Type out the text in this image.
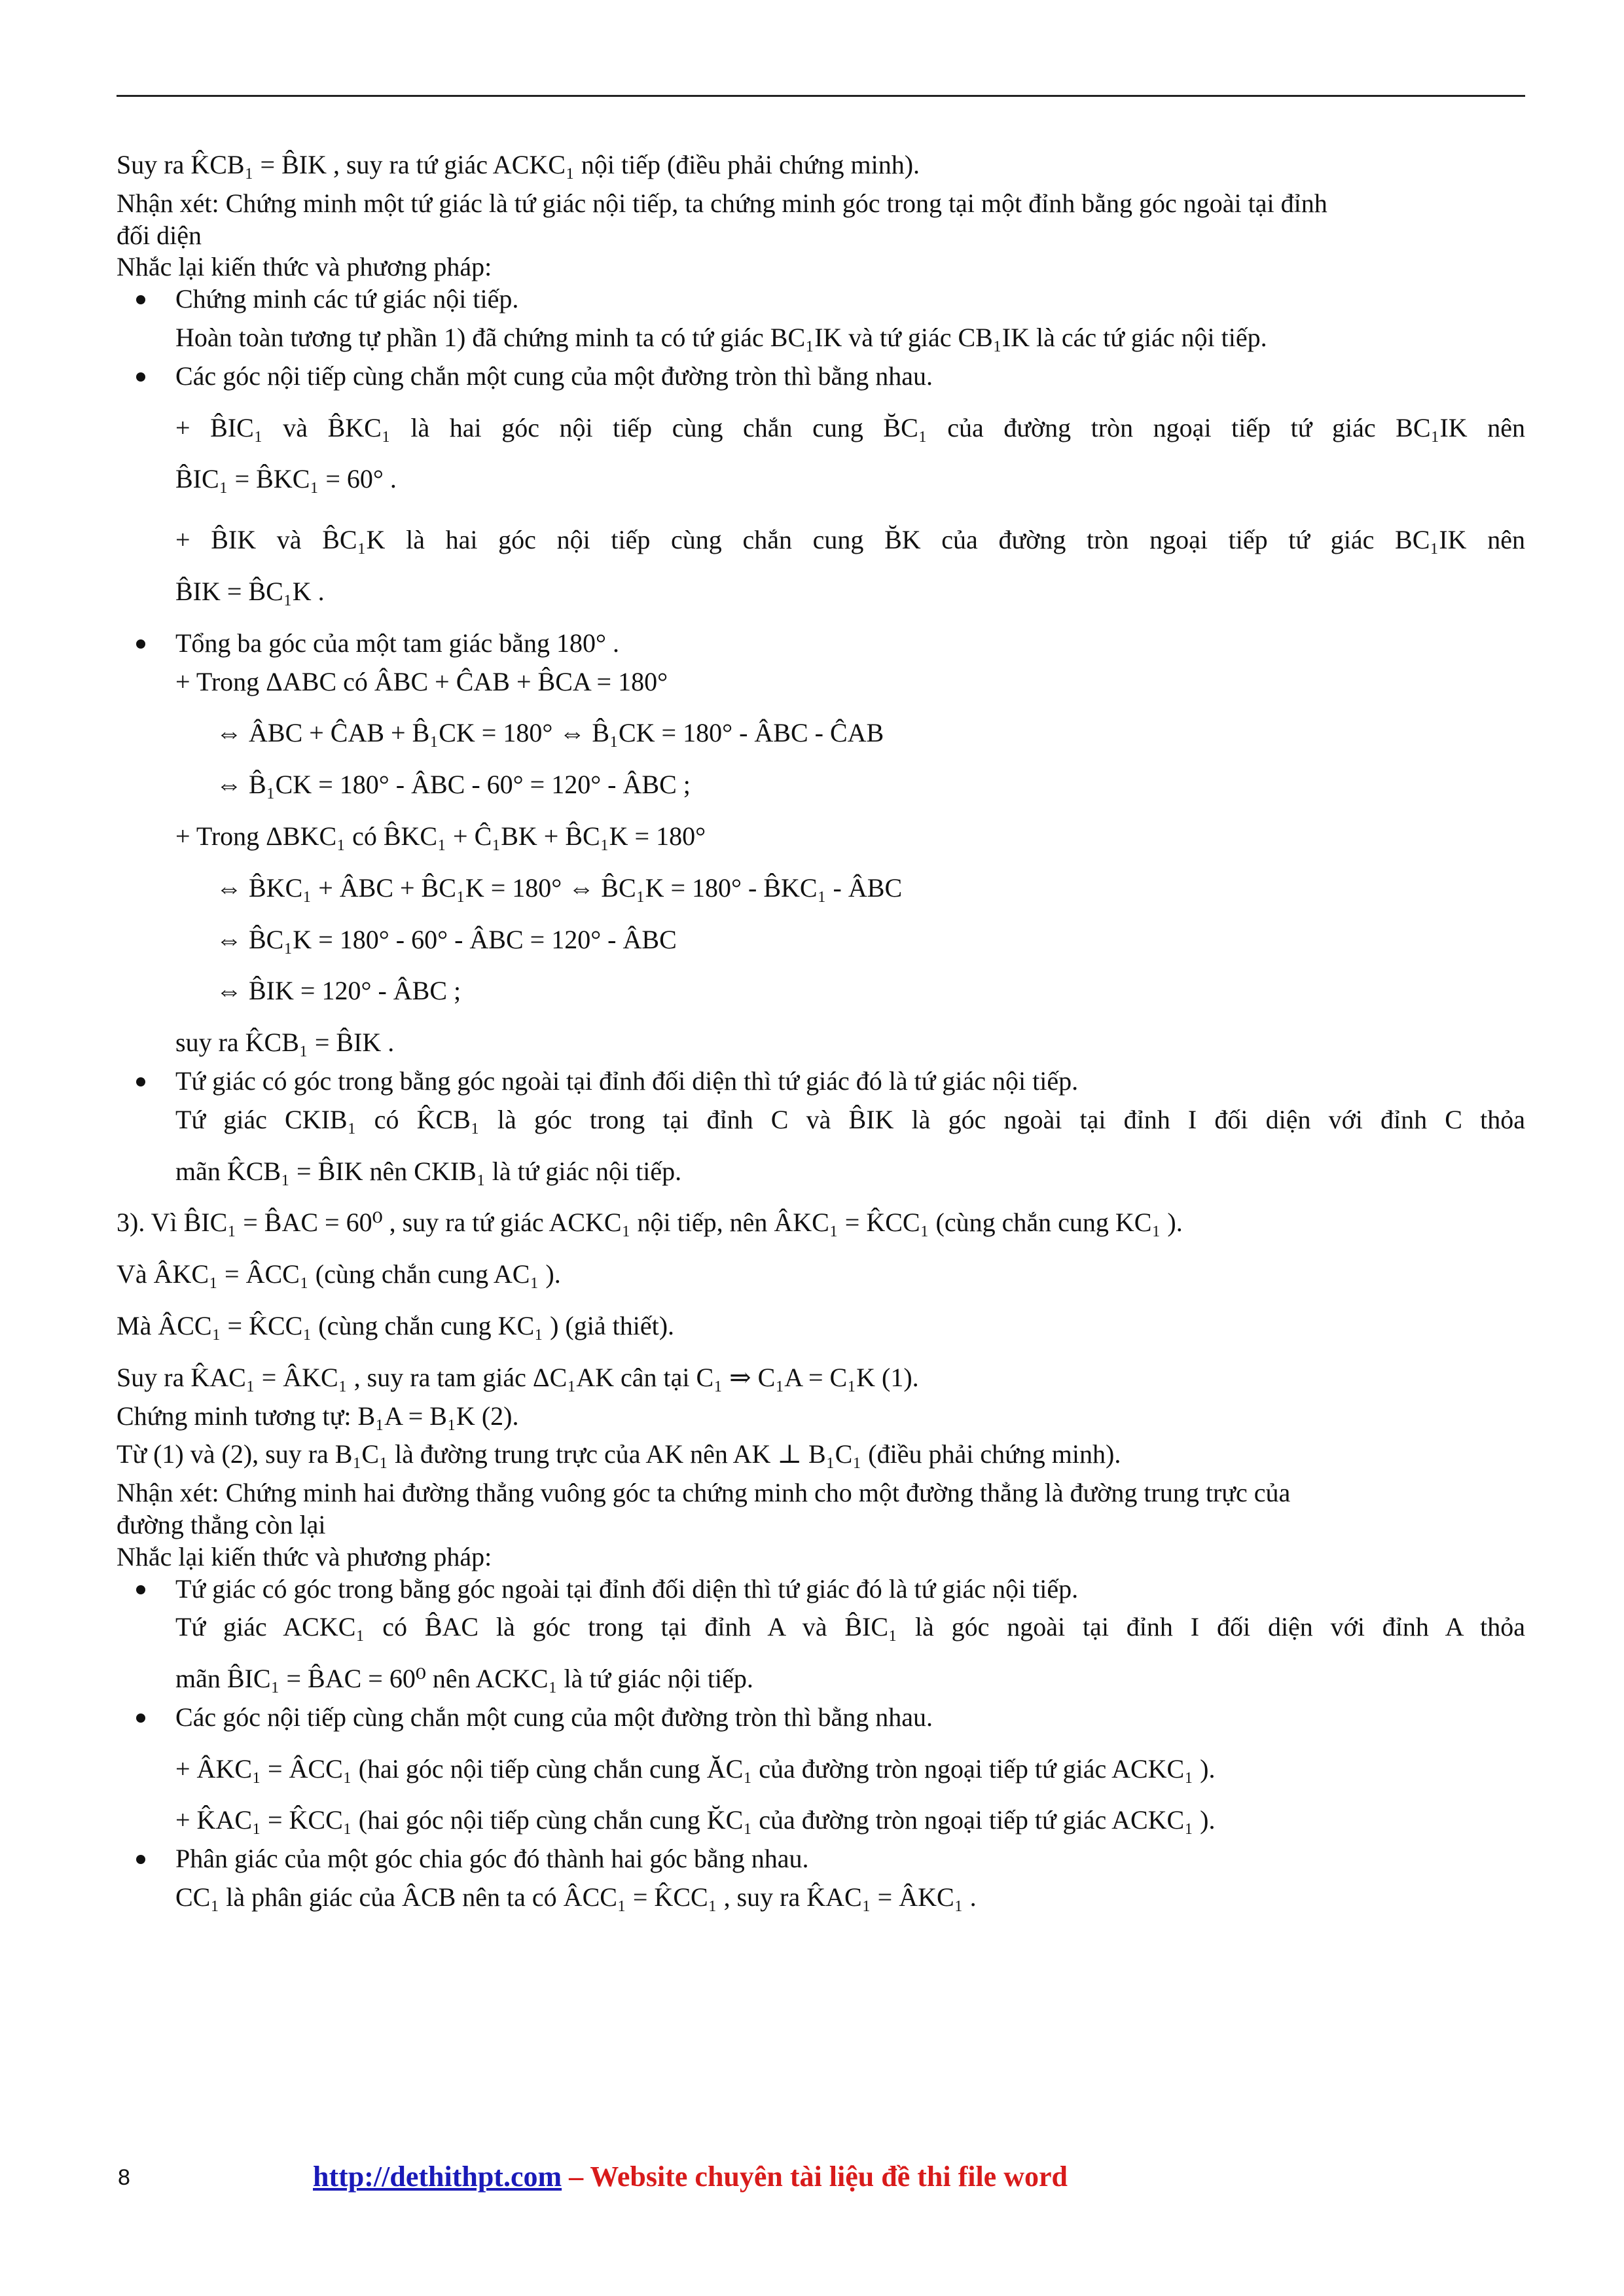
Suy ra K̂CB₁ = B̂IK , suy ra tứ giác ACKC₁ nội tiếp (điều phải chứng minh).

Nhận xét: Chứng minh một tứ giác là tứ giác nội tiếp, ta chứng minh góc trong tại một đỉnh bằng góc ngoài tại đỉnh

đối diện

Nhắc lại kiến thức và phương pháp:

Chứng minh các tứ giác nội tiếp.

Hoàn toàn tương tự phần 1) đã chứng minh ta có tứ giác BC₁IK và tứ giác CB₁IK là các tứ giác nội tiếp.

Các góc nội tiếp cùng chắn một cung của một đường tròn thì bằng nhau.

+ B̂IC₁ và B̂KC₁ là hai góc nội tiếp cùng chắn cung B̆C₁ của đường tròn ngoại tiếp tứ giác BC₁IK nên

B̂IC₁ = B̂KC₁ = 60° .

+ B̂IK và B̂C₁K là hai góc nội tiếp cùng chắn cung B̆K của đường tròn ngoại tiếp tứ giác BC₁IK nên

B̂IK = B̂C₁K .

Tổng ba góc của một tam giác bằng 180° .

+ Trong ΔABC có ÂBC + ĈAB + B̂CA = 180°

⇔ ÂBC + ĈAB + B̂₁CK = 180° ⇔ B̂₁CK = 180° - ÂBC - ĈAB

⇔ B̂₁CK = 180° - ÂBC - 60° = 120° - ÂBC ;

+ Trong ΔBKC₁ có B̂KC₁ + Ĉ₁BK + B̂C₁K = 180°

⇔ B̂KC₁ + ÂBC + B̂C₁K = 180° ⇔ B̂C₁K = 180° - B̂KC₁ - ÂBC

⇔ B̂C₁K = 180° - 60° - ÂBC = 120° - ÂBC

⇔ B̂IK = 120° - ÂBC ;

suy ra K̂CB₁ = B̂IK .

Tứ giác có góc trong bằng góc ngoài tại đỉnh đối diện thì tứ giác đó là tứ giác nội tiếp.

Tứ giác CKIB₁ có K̂CB₁ là góc trong tại đỉnh C và B̂IK là góc ngoài tại đỉnh I đối diện với đỉnh C thỏa

mãn K̂CB₁ = B̂IK nên CKIB₁ là tứ giác nội tiếp.

3). Vì B̂IC₁ = B̂AC = 60⁰ , suy ra tứ giác ACKC₁ nội tiếp, nên ÂKC₁ = K̂CC₁ (cùng chắn cung KC₁ ).

Và ÂKC₁ = ÂCC₁ (cùng chắn cung AC₁ ).

Mà ÂCC₁ = K̂CC₁ (cùng chắn cung KC₁ ) (giả thiết).

Suy ra K̂AC₁ = ÂKC₁ , suy ra tam giác ΔC₁AK cân tại C₁ ⇒ C₁A = C₁K (1).

Chứng minh tương tự: B₁A = B₁K (2).

Từ (1) và (2), suy ra B₁C₁ là đường trung trực của AK nên AK ⊥ B₁C₁ (điều phải chứng minh).

Nhận xét: Chứng minh hai đường thẳng vuông góc ta chứng minh cho một đường thẳng là đường trung trực của

đường thẳng còn lại

Nhắc lại kiến thức và phương pháp:

Tứ giác có góc trong bằng góc ngoài tại đỉnh đối diện thì tứ giác đó là tứ giác nội tiếp.

Tứ giác ACKC₁ có B̂AC là góc trong tại đỉnh A và B̂IC₁ là góc ngoài tại đỉnh I đối diện với đỉnh A thỏa

mãn B̂IC₁ = B̂AC = 60⁰ nên ACKC₁ là tứ giác nội tiếp.

Các góc nội tiếp cùng chắn một cung của một đường tròn thì bằng nhau.

+ ÂKC₁ = ÂCC₁ (hai góc nội tiếp cùng chắn cung ĂC₁ của đường tròn ngoại tiếp tứ giác ACKC₁ ).

+ K̂AC₁ = K̂CC₁ (hai góc nội tiếp cùng chắn cung K̆C₁ của đường tròn ngoại tiếp tứ giác ACKC₁ ).

Phân giác của một góc chia góc đó thành hai góc bằng nhau.

CC₁ là phân giác của ÂCB nên ta có ÂCC₁ = K̂CC₁ , suy ra K̂AC₁ = ÂKC₁ .

8	http://dethithpt.com – Website chuyên tài liệu đề thi file word
